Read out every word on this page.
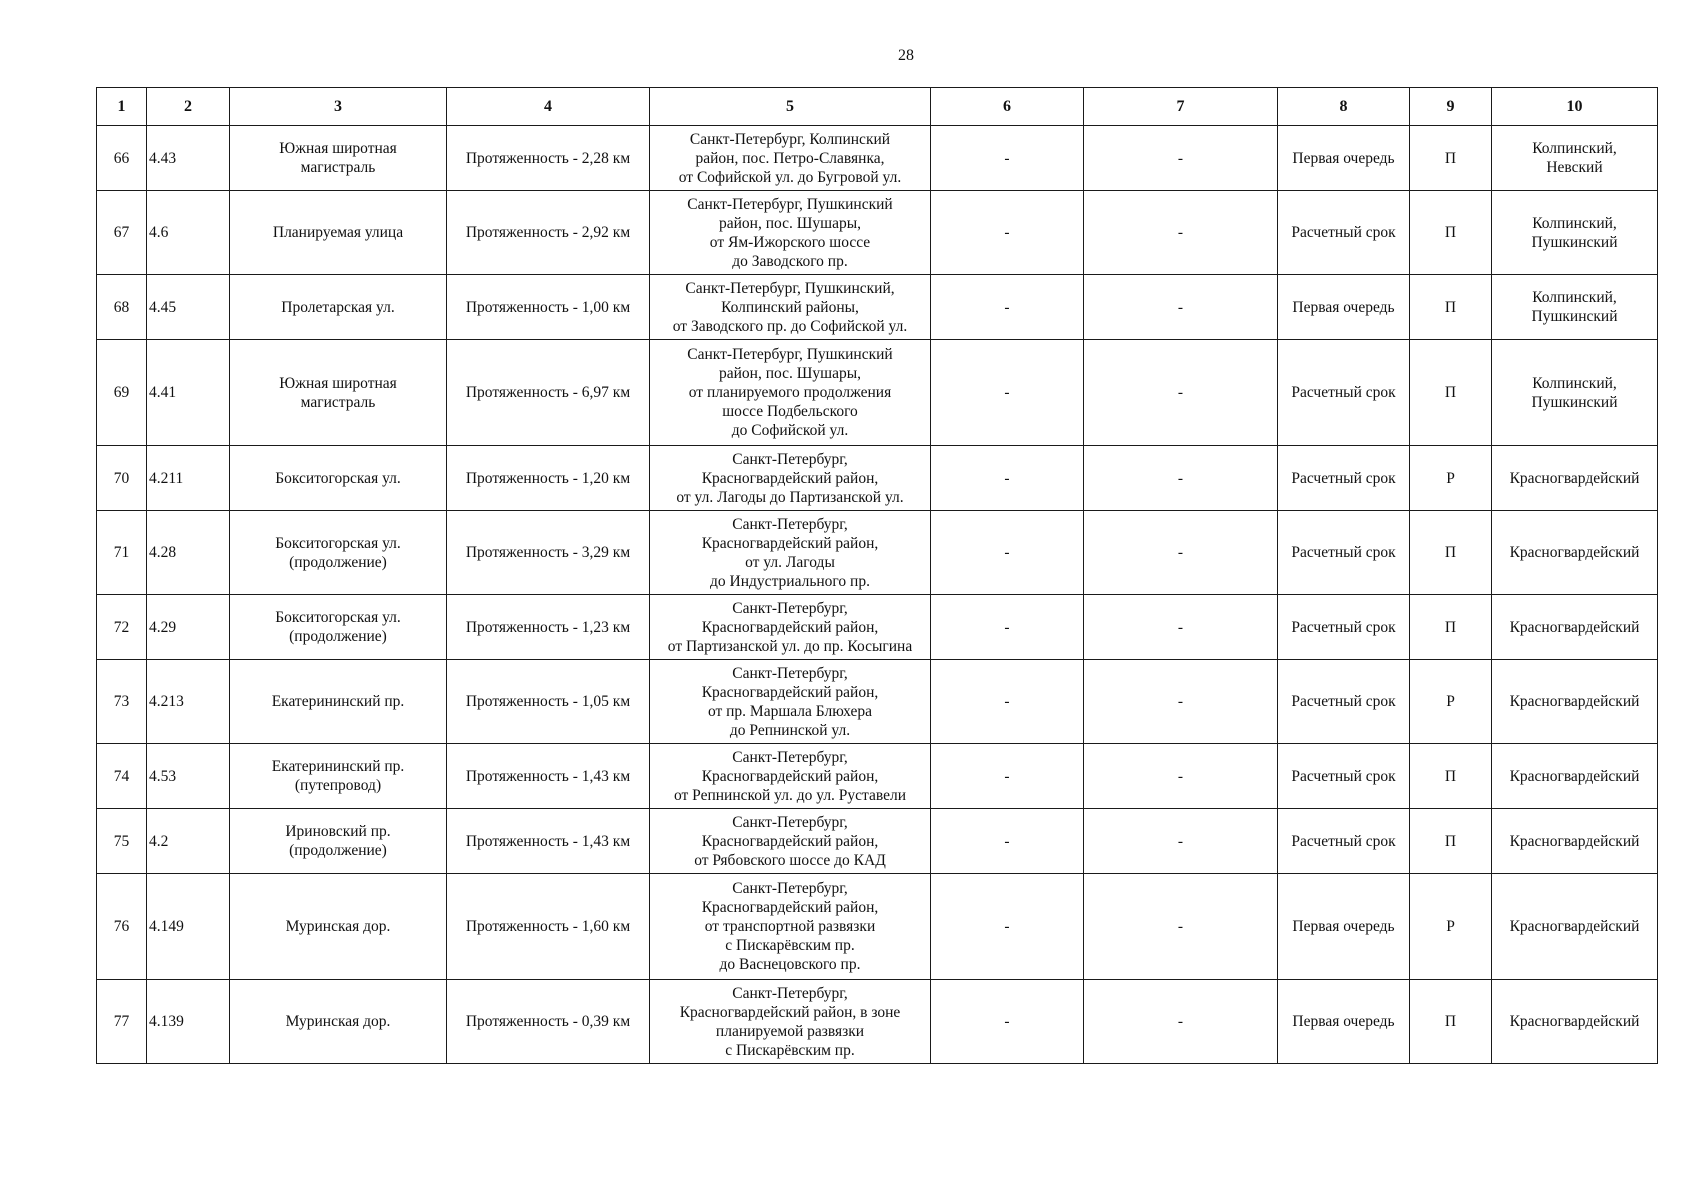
28
1	2	3	4	5	6	7	8	9	10
66	4.43	Южная широтная
магистраль	Протяженность - 2,28 км	Санкт-Петербург, Колпинский
район, пос. Петро-Славянка,
от Софийской ул. до Бугровой ул.	-	-	Первая очередь	П	Колпинский,
Невский
67	4.6	Планируемая улица	Протяженность - 2,92 км	Санкт-Петербург, Пушкинский
район, пос. Шушары,
от Ям-Ижорского шоссе
до Заводского пр.	-	-	Расчетный срок	П	Колпинский,
Пушкинский
68	4.45	Пролетарская ул.	Протяженность - 1,00 км	Санкт-Петербург, Пушкинский,
Колпинский районы,
от Заводского пр. до Софийской ул.	-	-	Первая очередь	П	Колпинский,
Пушкинский
69	4.41	Южная широтная
магистраль	Протяженность - 6,97 км	Санкт-Петербург, Пушкинский
район, пос. Шушары,
от планируемого продолжения
шоссе Подбельского
до Софийской ул.	-	-	Расчетный срок	П	Колпинский,
Пушкинский
70	4.211	Бокситогорская ул.	Протяженность - 1,20 км	Санкт-Петербург,
Красногвардейский район,
от ул. Лагоды до Партизанской ул.	-	-	Расчетный срок	Р	Красногвардейский
71	4.28	Бокситогорская ул.
(продолжение)	Протяженность - 3,29 км	Санкт-Петербург,
Красногвардейский район,
от ул. Лагоды
до Индустриального пр.	-	-	Расчетный срок	П	Красногвардейский
72	4.29	Бокситогорская ул.
(продолжение)	Протяженность - 1,23 км	Санкт-Петербург,
Красногвардейский район,
от Партизанской ул. до пр. Косыгина	-	-	Расчетный срок	П	Красногвардейский
73	4.213	Екатерининский пр.	Протяженность - 1,05 км	Санкт-Петербург,
Красногвардейский район,
от пр. Маршала Блюхера
до Репнинской ул.	-	-	Расчетный срок	Р	Красногвардейский
74	4.53	Екатерининский пр.
(путепровод)	Протяженность - 1,43 км	Санкт-Петербург,
Красногвардейский район,
от Репнинской ул. до ул. Руставели	-	-	Расчетный срок	П	Красногвардейский
75	4.2	Ириновский пр.
(продолжение)	Протяженность - 1,43 км	Санкт-Петербург,
Красногвардейский район,
от Рябовского шоссе до КАД	-	-	Расчетный срок	П	Красногвардейский
76	4.149	Муринская дор.	Протяженность - 1,60 км	Санкт-Петербург,
Красногвардейский район,
от транспортной развязки
с Пискарёвским пр.
до Васнецовского пр.	-	-	Первая очередь	Р	Красногвардейский
77	4.139	Муринская дор.	Протяженность - 0,39 км	Санкт-Петербург,
Красногвардейский район, в зоне
планируемой развязки
с Пискарёвским пр.	-	-	Первая очередь	П	Красногвардейский
